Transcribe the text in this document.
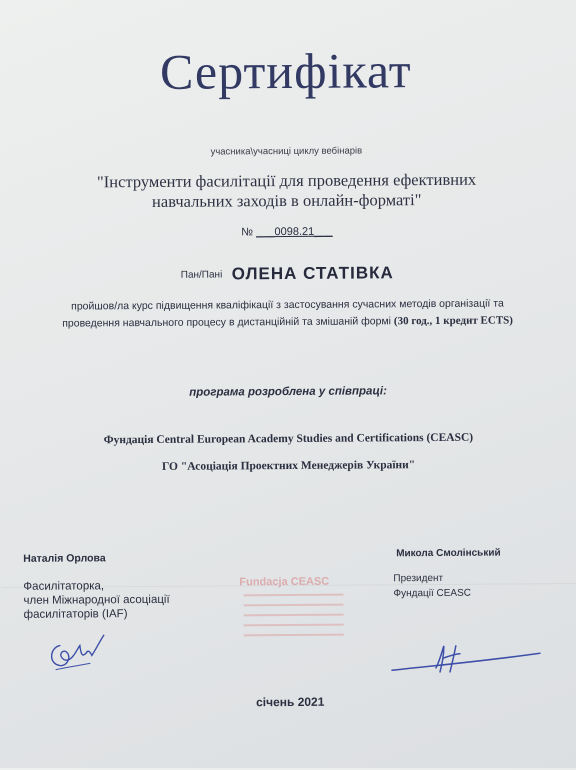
Сертифікат
учасника\учасниці циклу вебінарів
"Інструменти фасилітації для проведення ефективних
навчальних заходів в онлайн-форматі"
№ ___0098.21___
Пан/Пані ОЛЕНА СТАТІВКА
пройшов/ла курс підвищення кваліфікації з застосування сучасних методів організації та
проведення навчального процесу в дистанційній та змішаній формі (30 год., 1 кредит ECTS)
програма розроблена у співпраці:
Фундація Central European Academy Studies and Certifications (CEASC)
ГО "Асоціація Проектних Менеджерів України"
Наталія Орлова
Фасилітаторка,
член Міжнародної асоціації
фасилітаторів (IAF)
Микола Смолінський
Президент
Фундації CEASC
Fundacja CEASC
січень 2021
